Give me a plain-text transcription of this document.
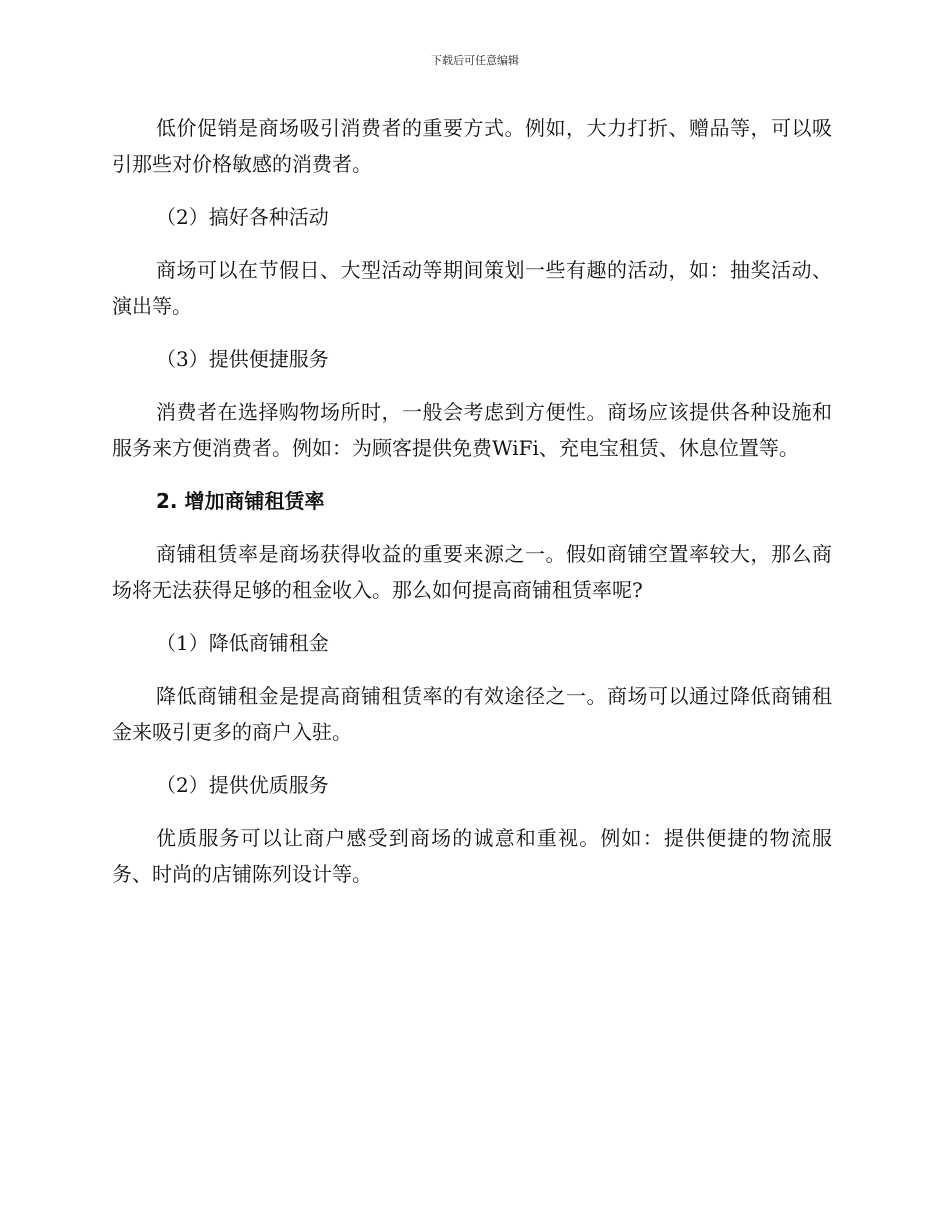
下载后可任意编辑

低价促销是商场吸引消费者的重要方式。例如，大力打折、赠品等，可以吸引那些对价格敏感的消费者。

（2）搞好各种活动

商场可以在节假日、大型活动等期间策划一些有趣的活动，如：抽奖活动、演出等。

（3）提供便捷服务

消费者在选择购物场所时，一般会考虑到方便性。商场应该提供各种设施和服务来方便消费者。例如：为顾客提供免费WiFi、充电宝租赁、休息位置等。

2. 增加商铺租赁率

商铺租赁率是商场获得收益的重要来源之一。假如商铺空置率较大，那么商场将无法获得足够的租金收入。那么如何提高商铺租赁率呢?

（1）降低商铺租金

降低商铺租金是提高商铺租赁率的有效途径之一。商场可以通过降低商铺租金来吸引更多的商户入驻。

（2）提供优质服务

优质服务可以让商户感受到商场的诚意和重视。例如：提供便捷的物流服务、时尚的店铺陈列设计等。
